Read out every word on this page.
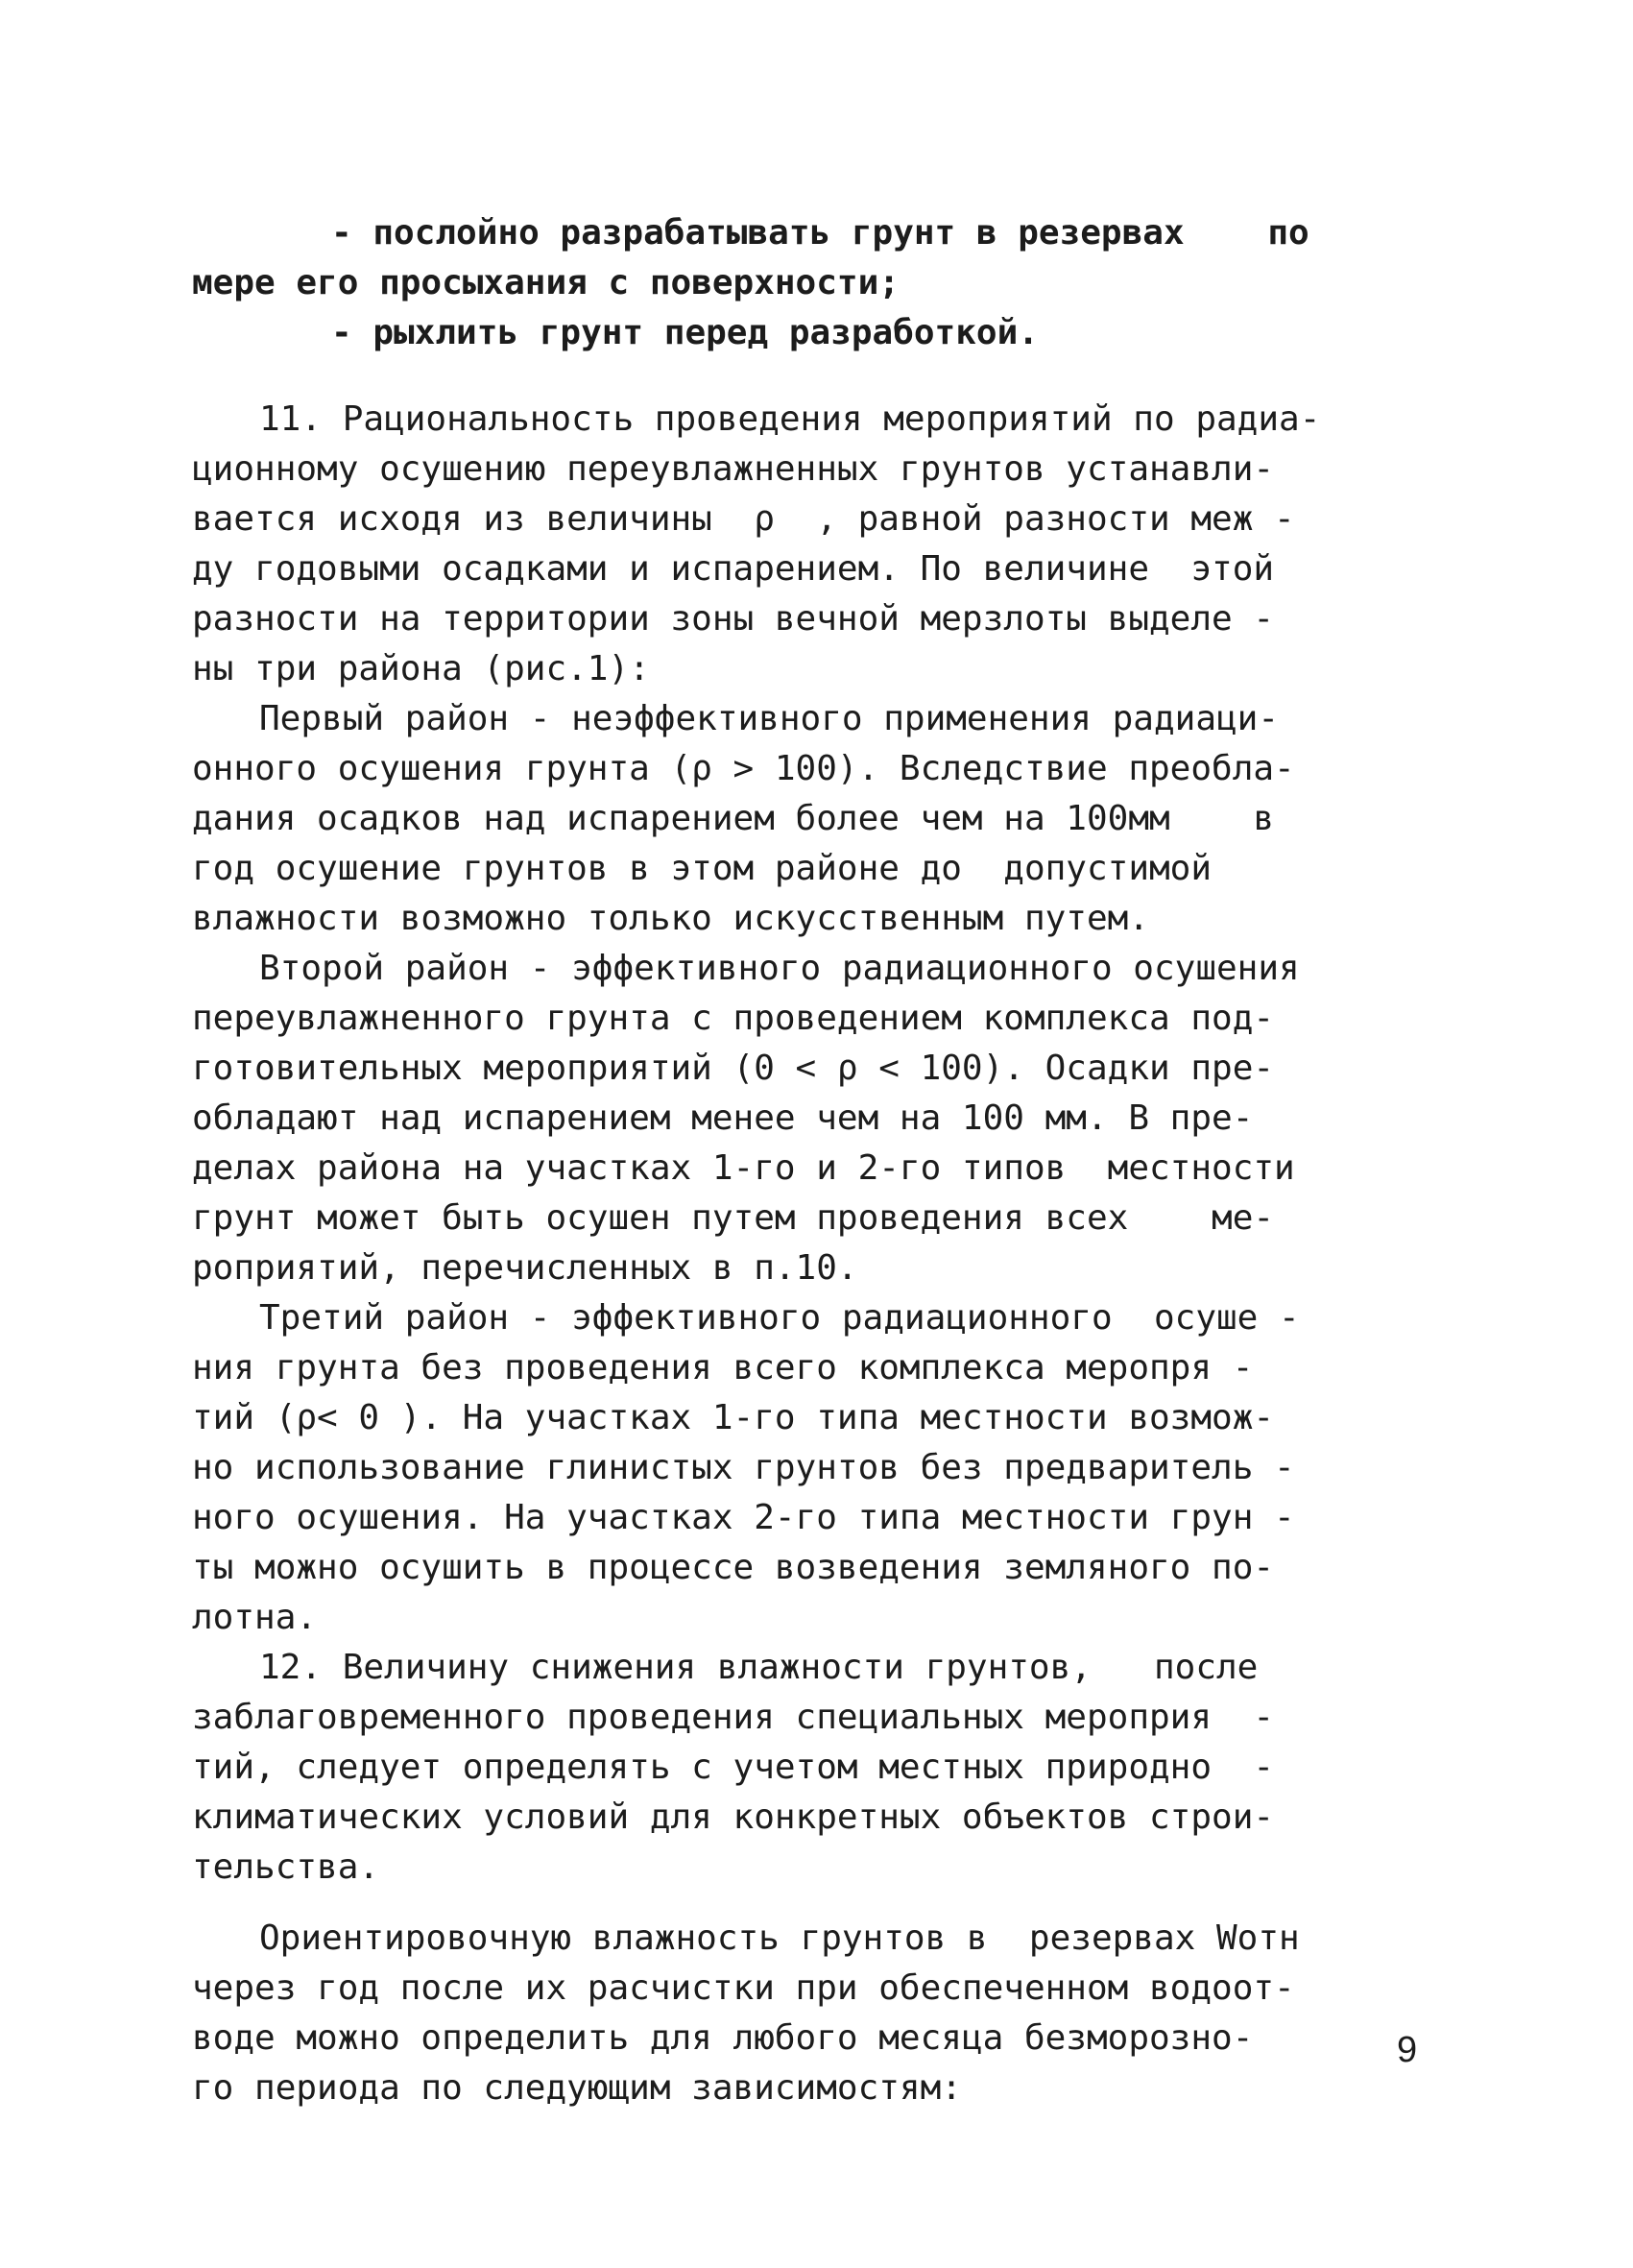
- послойно разрабатывать грунт в резервах    по
мере его просыхания с поверхности;
- рыхлить грунт перед разработкой.
11. Рациональность проведения мероприятий по радиа-
ционному осушению переувлажненных грунтов устанавли-
вается исходя из величины  ρ  , равной разности меж -
ду годовыми осадками и испарением. По величине  этой
разности на территории зоны вечной мерзлоты выделе -
ны три района (рис.1):
Первый район - неэффективного применения радиаци-
онного осушения грунта (ρ > 100). Вследствие преобла-
дания осадков над испарением более чем на 100мм    в
год осушение грунтов в этом районе до  допустимой
влажности возможно только искусственным путем.
Второй район - эффективного радиационного осушения
переувлажненного грунта с проведением комплекса под-
готовительных мероприятий (0 < ρ < 100). Осадки пре-
обладают над испарением менее чем на 100 мм. В пре-
делах района на участках 1-го и 2-го типов  местности
грунт может быть осушен путем проведения всех    ме-
роприятий, перечисленных в п.10.
Третий район - эффективного радиационного  осуше -
ния грунта без проведения всего комплекса меропря -
тий (ρ< 0 ). На участках 1-го типа местности возмож-
но использование глинистых грунтов без предваритель -
ного осушения. На участках 2-го типа местности грун -
ты можно осушить в процессе возведения земляного по-
лотна.
12. Величину снижения влажности грунтов,   после
заблаговременного проведения специальных мероприя  -
тий, следует определять с учетом местных природно  -
климатических условий для конкретных объектов строи-
тельства.
Ориентировочную влажность грунтов в  резервах Wотн
через год после их расчистки при обеспеченном водоот-
воде можно определить для любого месяца безморозно-
го периода по следующим зависимостям:
9
